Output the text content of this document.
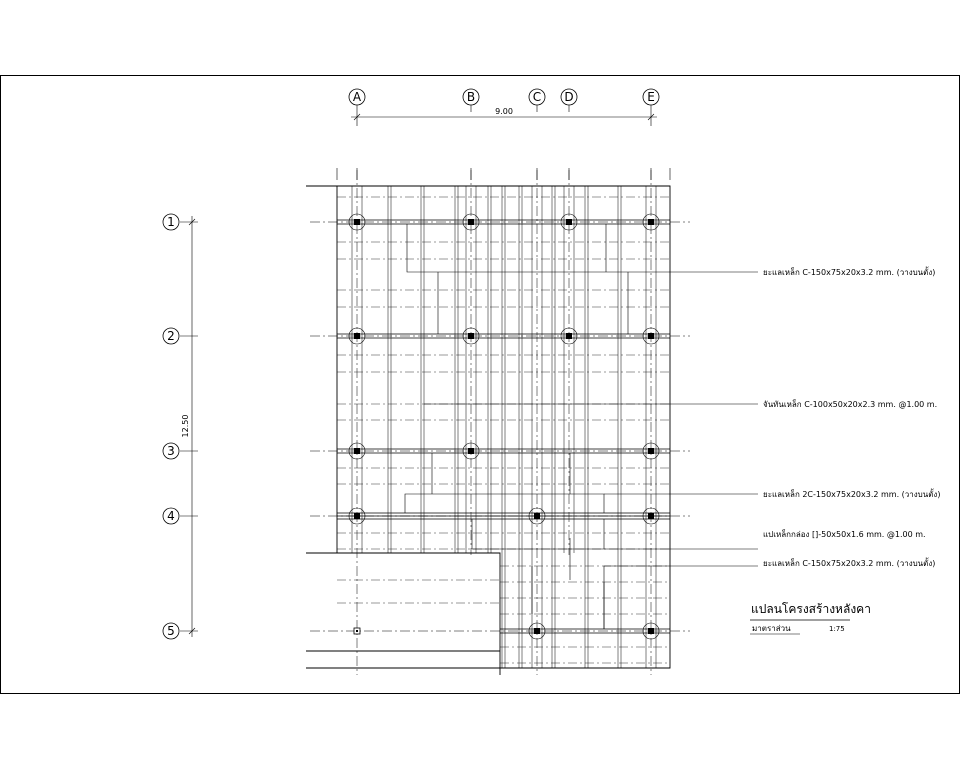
A	B	C D	E
9.00
1
2
3
4
5
12.50
ยะแลเหล็ก C-150x75x20x3.2 mm. (วางบนตั้ง)
จันทันเหล็ก C-100x50x20x2.3 mm. @1.00 m.
ยะแลเหล็ก 2C-150x75x20x3.2 mm. (วางบนตั้ง)
แปเหล็กกล่อง []-50x50x1.6 mm. @1.00 m.
ยะแลเหล็ก C-150x75x20x3.2 mm. (วางบนตั้ง)
แปลนโครงสร้างหลังคา
มาตราส่วน	1:75
